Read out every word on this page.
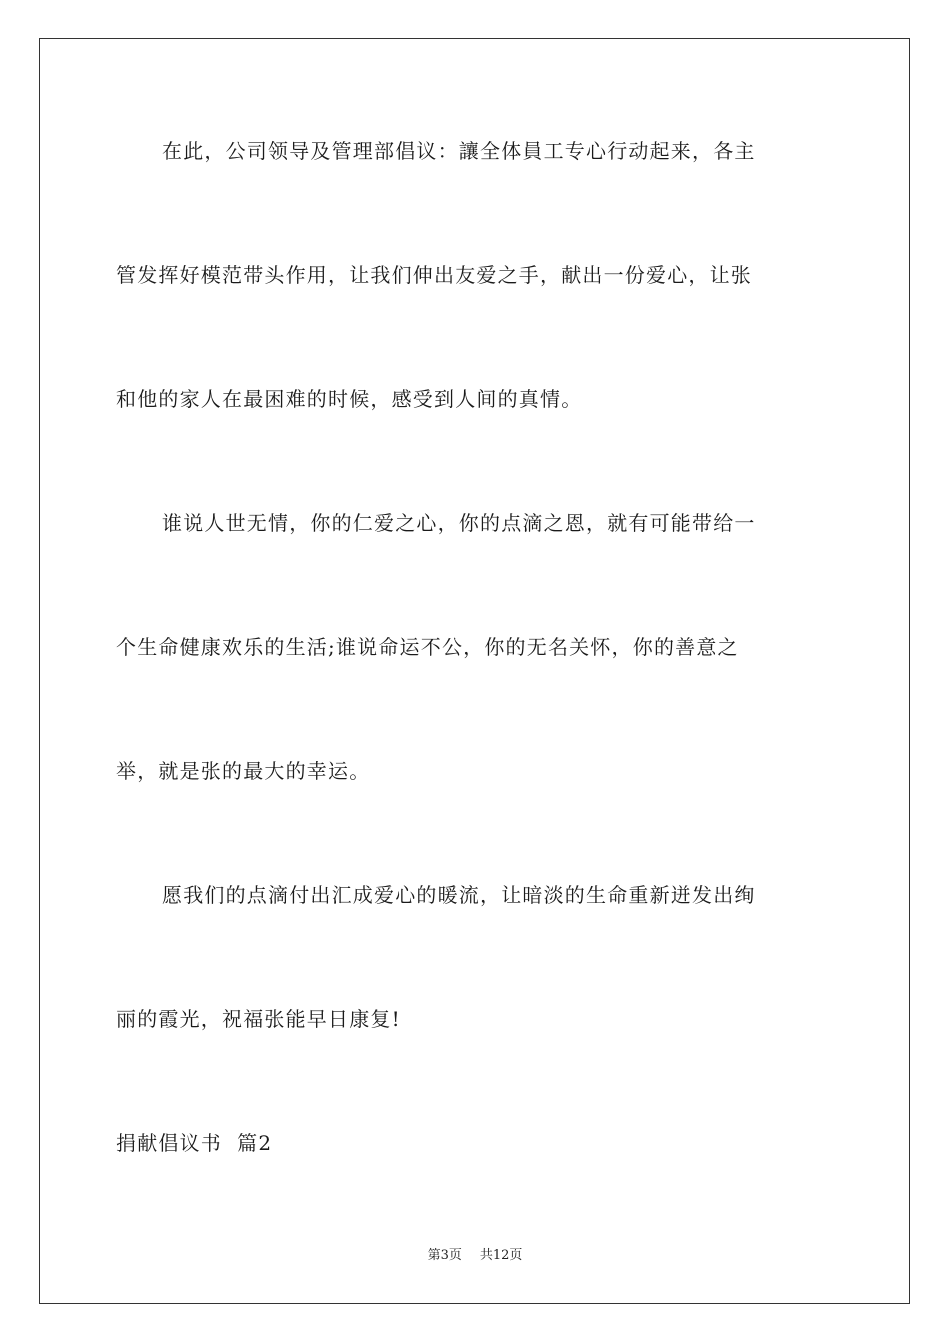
在此，公司领导及管理部倡议：讓全体員工专心行动起来，各主
管发挥好模范带头作用，让我们伸出友爱之手，献出一份爱心，让张
和他的家人在最困难的时候，感受到人间的真情。
谁说人世无情，你的仁爱之心，你的点滴之恩，就有可能带给一
个生命健康欢乐的生活;谁说命运不公，你的无名关怀，你的善意之
举，就是张的最大的幸运。
愿我们的点滴付出汇成爱心的暖流，让暗淡的生命重新迸发出绚
丽的霞光，祝福张能早日康复!
捐献倡议书  篇2
第3页 共12页
